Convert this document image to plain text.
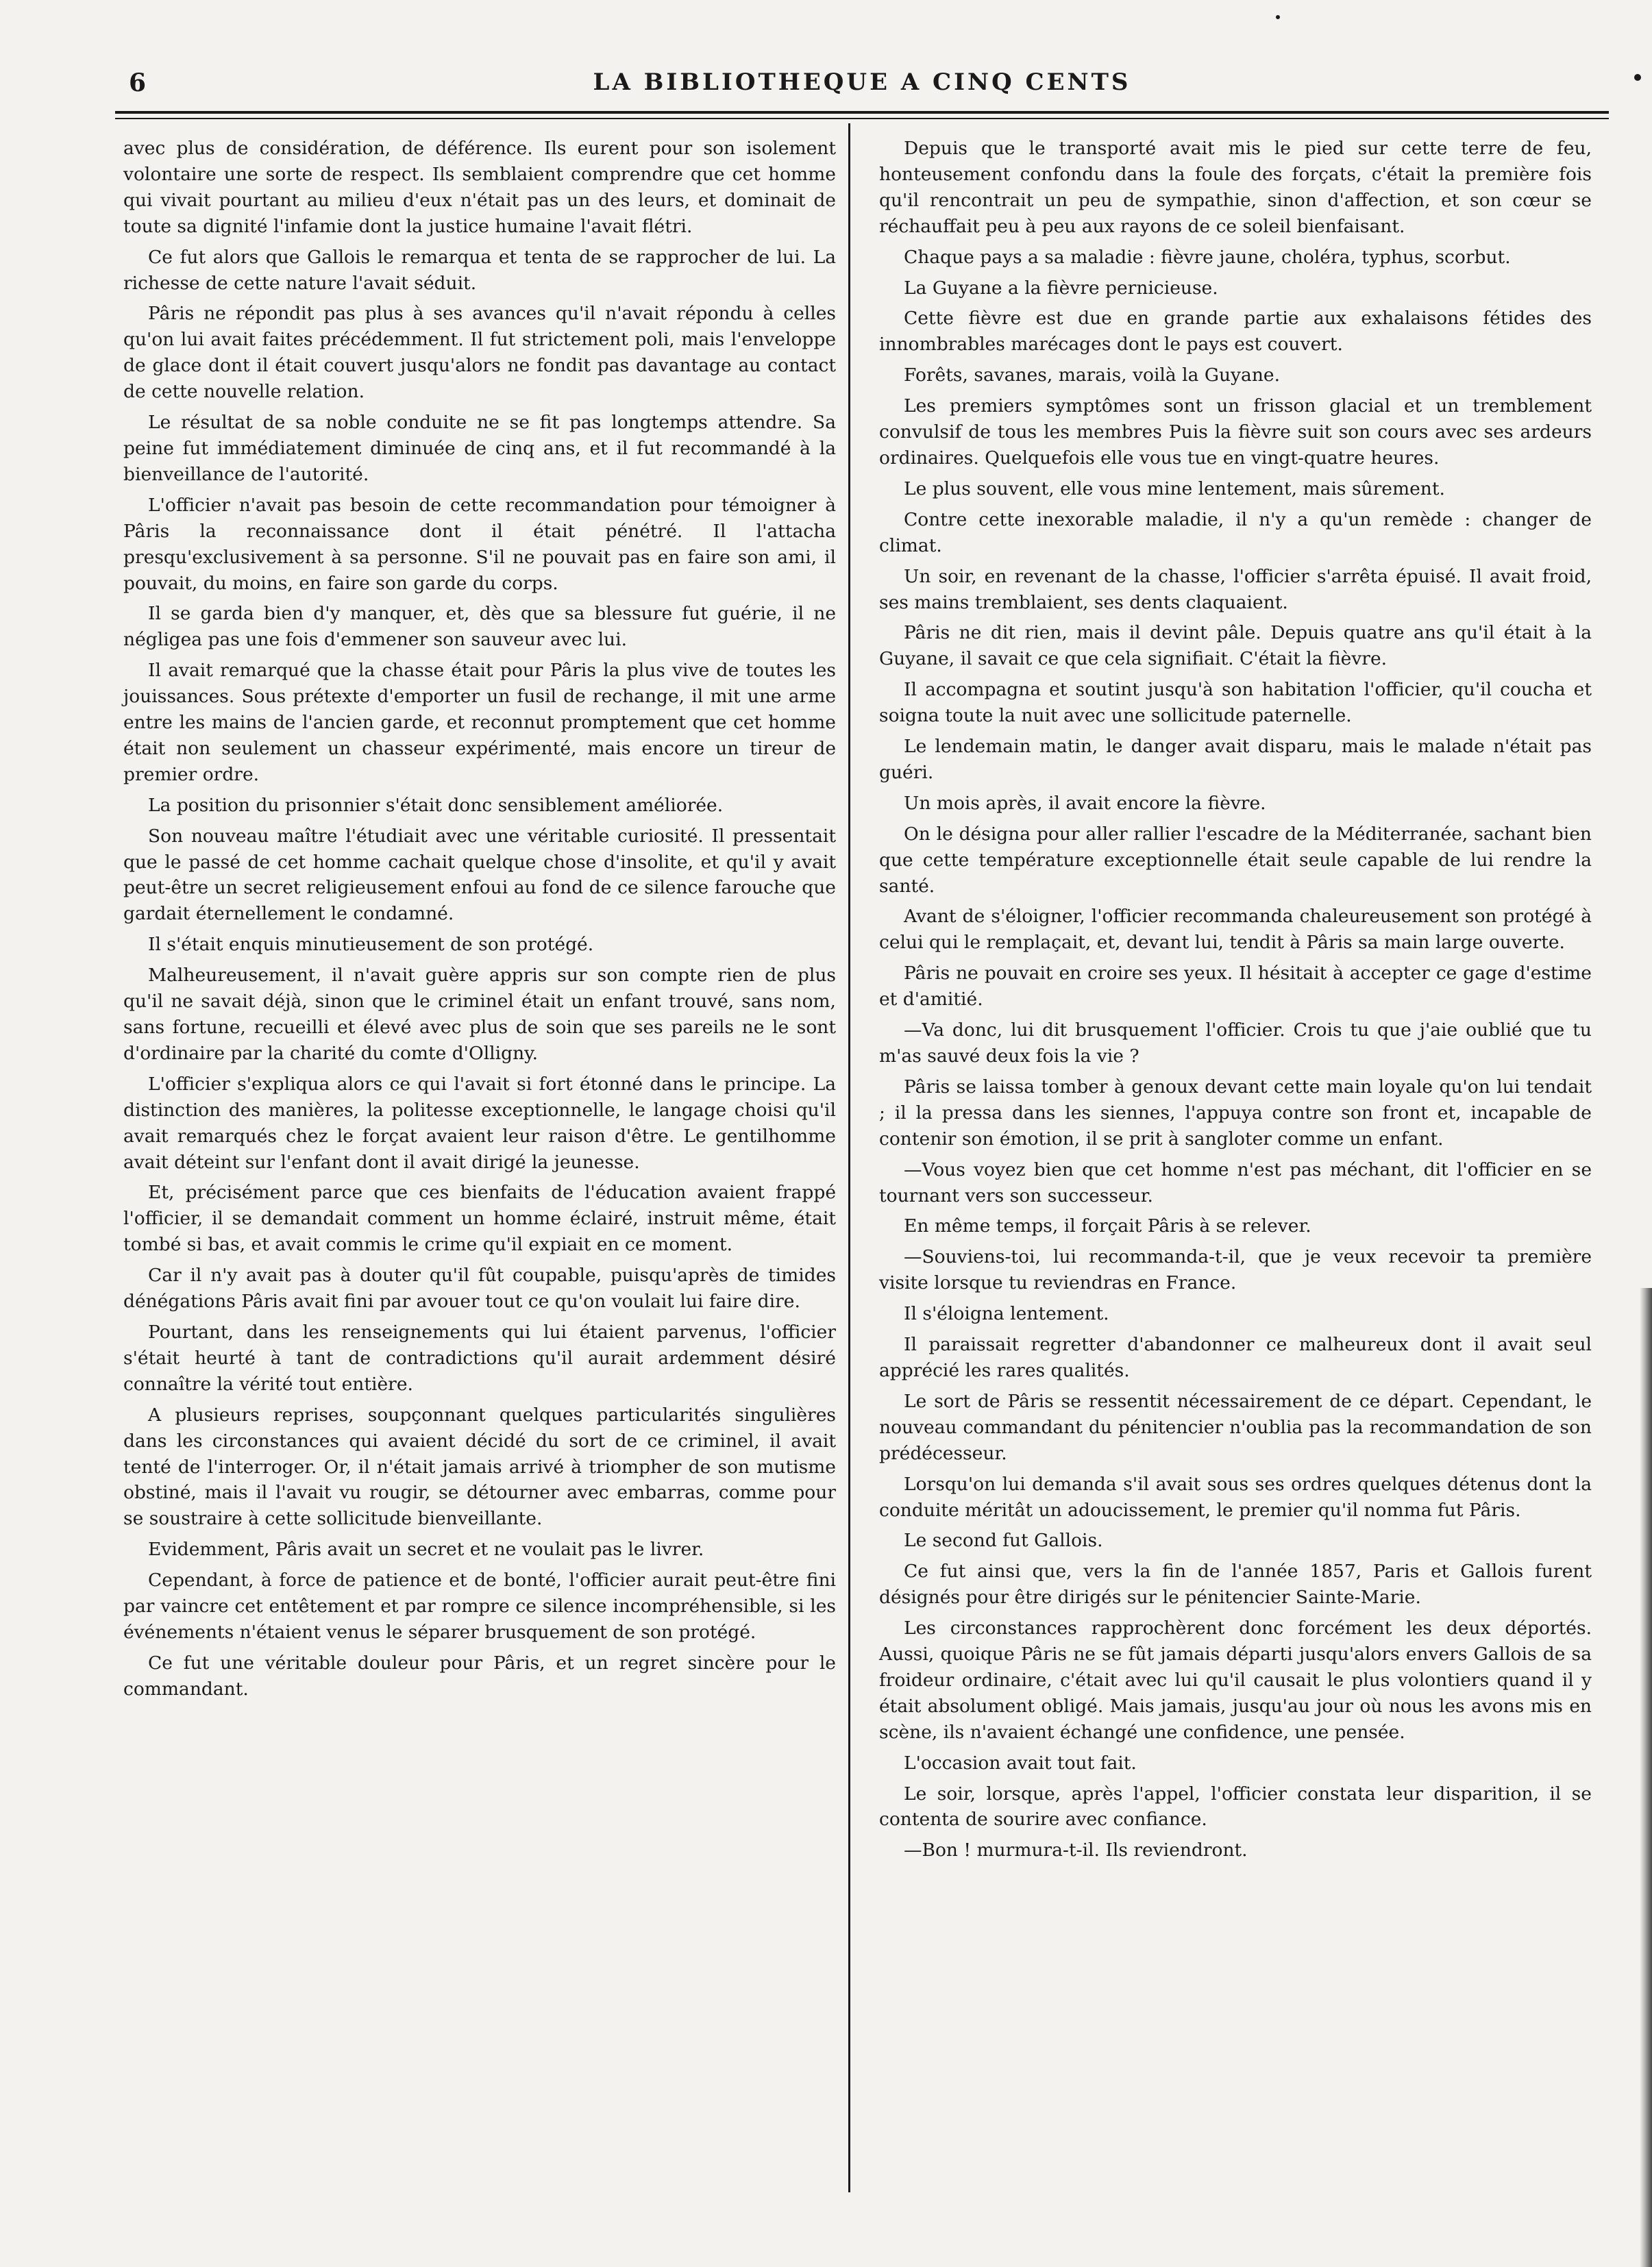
6	LA BIBLIOTHEQUE A CINQ CENTS

avec plus de considération, de déférence. Ils eurent pour son isolement volontaire une sorte de respect. Ils semblaient comprendre que cet homme qui vivait pourtant au milieu d'eux n'était pas un des leurs, et dominait de toute sa dignité l'infamie dont la justice humaine l'avait flétri.

Ce fut alors que Gallois le remarqua et tenta de se rapprocher de lui. La richesse de cette nature l'avait séduit.

Pâris ne répondit pas plus à ses avances qu'il n'avait répondu à celles qu'on lui avait faites précédemment. Il fut strictement poli, mais l'enveloppe de glace dont il était couvert jusqu'alors ne fondit pas davantage au contact de cette nouvelle relation.

Le résultat de sa noble conduite ne se fit pas longtemps attendre. Sa peine fut immédiatement diminuée de cinq ans, et il fut recommandé à la bienveillance de l'autorité.

L'officier n'avait pas besoin de cette recommandation pour témoigner à Pâris la reconnaissance dont il était pénétré. Il l'attacha presqu'exclusivement à sa personne. S'il ne pouvait pas en faire son ami, il pouvait, du moins, en faire son garde du corps.

Il se garda bien d'y manquer, et, dès que sa blessure fut guérie, il ne négligea pas une fois d'emmener son sauveur avec lui.

Il avait remarqué que la chasse était pour Pâris la plus vive de toutes les jouissances. Sous prétexte d'emporter un fusil de rechange, il mit une arme entre les mains de l'ancien garde, et reconnut promptement que cet homme était non seulement un chasseur expérimenté, mais encore un tireur de premier ordre.

La position du prisonnier s'était donc sensiblement améliorée.

Son nouveau maître l'étudiait avec une véritable curiosité. Il pressentait que le passé de cet homme cachait quelque chose d'insolite, et qu'il y avait peut-être un secret religieusement enfoui au fond de ce silence farouche que gardait éternellement le condamné.

Il s'était enquis minutieusement de son protégé.

Malheureusement, il n'avait guère appris sur son compte rien de plus qu'il ne savait déjà, sinon que le criminel était un enfant trouvé, sans nom, sans fortune, recueilli et élevé avec plus de soin que ses pareils ne le sont d'ordinaire par la charité du comte d'Olligny.

L'officier s'expliqua alors ce qui l'avait si fort étonné dans le principe. La distinction des manières, la politesse exceptionnelle, le langage choisi qu'il avait remarqués chez le forçat avaient leur raison d'être. Le gentilhomme avait déteint sur l'enfant dont il avait dirigé la jeunesse.

Et, précisément parce que ces bienfaits de l'éducation avaient frappé l'officier, il se demandait comment un homme éclairé, instruit même, était tombé si bas, et avait commis le crime qu'il expiait en ce moment.

Car il n'y avait pas à douter qu'il fût coupable, puisqu'après de timides dénégations Pâris avait fini par avouer tout ce qu'on voulait lui faire dire.

Pourtant, dans les renseignements qui lui étaient parvenus, l'officier s'était heurté à tant de contradictions qu'il aurait ardemment désiré connaître la vérité tout entière.

A plusieurs reprises, soupçonnant quelques particularités singulières dans les circonstances qui avaient décidé du sort de ce criminel, il avait tenté de l'interroger. Or, il n'était jamais arrivé à triompher de son mutisme obstiné, mais il l'avait vu rougir, se détourner avec embarras, comme pour se soustraire à cette sollicitude bienveillante.

Evidemment, Pâris avait un secret et ne voulait pas le livrer.

Cependant, à force de patience et de bonté, l'officier aurait peut-être fini par vaincre cet entêtement et par rompre ce silence incompréhensible, si les événements n'étaient venus le séparer brusquement de son protégé.

Ce fut une véritable douleur pour Pâris, et un regret sincère pour le commandant.

Depuis que le transporté avait mis le pied sur cette terre de feu, honteusement confondu dans la foule des forçats, c'était la première fois qu'il rencontrait un peu de sympathie, sinon d'affection, et son cœur se réchauffait peu à peu aux rayons de ce soleil bienfaisant.

Chaque pays a sa maladie : fièvre jaune, choléra, typhus, scorbut.

La Guyane a la fièvre pernicieuse.

Cette fièvre est due en grande partie aux exhalaisons fétides des innombrables marécages dont le pays est couvert.

Forêts, savanes, marais, voilà la Guyane.

Les premiers symptômes sont un frisson glacial et un tremblement convulsif de tous les membres Puis la fièvre suit son cours avec ses ardeurs ordinaires. Quelquefois elle vous tue en vingt-quatre heures.

Le plus souvent, elle vous mine lentement, mais sûrement.

Contre cette inexorable maladie, il n'y a qu'un remède : changer de climat.

Un soir, en revenant de la chasse, l'officier s'arrêta épuisé. Il avait froid, ses mains tremblaient, ses dents claquaient.

Pâris ne dit rien, mais il devint pâle. Depuis quatre ans qu'il était à la Guyane, il savait ce que cela signifiait. C'était la fièvre.

Il accompagna et soutint jusqu'à son habitation l'officier, qu'il coucha et soigna toute la nuit avec une sollicitude paternelle.

Le lendemain matin, le danger avait disparu, mais le malade n'était pas guéri.

Un mois après, il avait encore la fièvre.

On le désigna pour aller rallier l'escadre de la Méditerranée, sachant bien que cette température exceptionnelle était seule capable de lui rendre la santé.

Avant de s'éloigner, l'officier recommanda chaleureusement son protégé à celui qui le remplaçait, et, devant lui, tendit à Pâris sa main large ouverte.

Pâris ne pouvait en croire ses yeux. Il hésitait à accepter ce gage d'estime et d'amitié.

—Va donc, lui dit brusquement l'officier. Crois tu que j'aie oublié que tu m'as sauvé deux fois la vie ?

Pâris se laissa tomber à genoux devant cette main loyale qu'on lui tendait ; il la pressa dans les siennes, l'appuya contre son front et, incapable de contenir son émotion, il se prit à sangloter comme un enfant.

—Vous voyez bien que cet homme n'est pas méchant, dit l'officier en se tournant vers son successeur.

En même temps, il forçait Pâris à se relever.

—Souviens-toi, lui recommanda-t-il, que je veux recevoir ta première visite lorsque tu reviendras en France.

Il s'éloigna lentement.

Il paraissait regretter d'abandonner ce malheureux dont il avait seul apprécié les rares qualités.

Le sort de Pâris se ressentit nécessairement de ce départ. Cependant, le nouveau commandant du pénitencier n'oublia pas la recommandation de son prédécesseur.

Lorsqu'on lui demanda s'il avait sous ses ordres quelques détenus dont la conduite méritât un adoucissement, le premier qu'il nomma fut Pâris.

Le second fut Gallois.

Ce fut ainsi que, vers la fin de l'année 1857, Paris et Gallois furent désignés pour être dirigés sur le pénitencier Sainte-Marie.

Les circonstances rapprochèrent donc forcément les deux déportés. Aussi, quoique Pâris ne se fût jamais départi jusqu'alors envers Gallois de sa froideur ordinaire, c'était avec lui qu'il causait le plus volontiers quand il y était absolument obligé. Mais jamais, jusqu'au jour où nous les avons mis en scène, ils n'avaient échangé une confidence, une pensée.

L'occasion avait tout fait.

Le soir, lorsque, après l'appel, l'officier constata leur disparition, il se contenta de sourire avec confiance.

—Bon ! murmura-t-il. Ils reviendront.
